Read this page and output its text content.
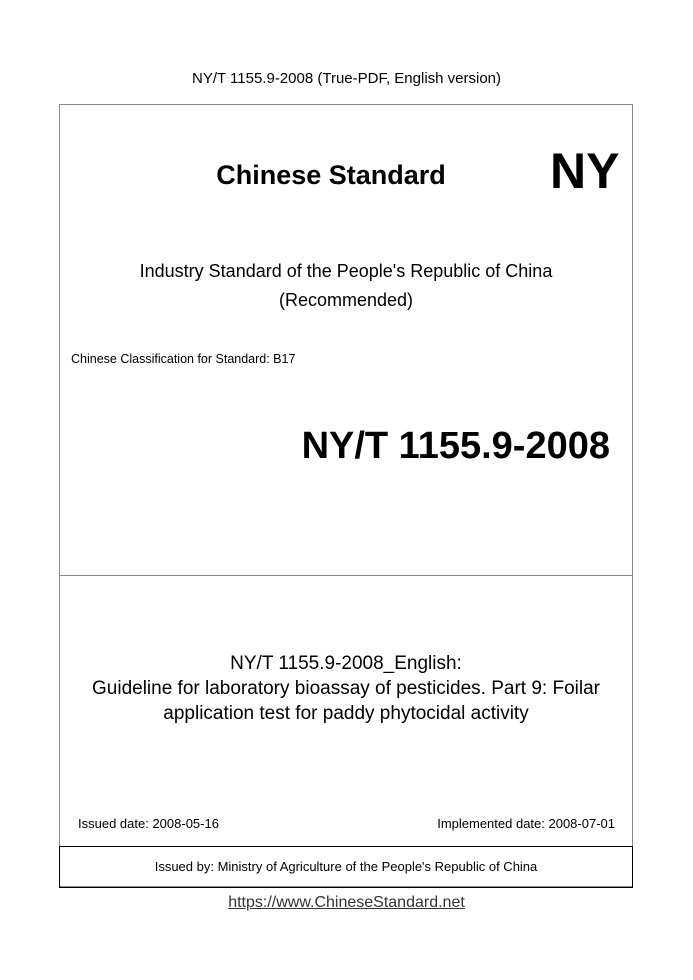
NY/T 1155.9-2008 (True-PDF, English version)
Chinese Standard	NY
Industry Standard of the People's Republic of China
(Recommended)
Chinese Classification for Standard: B17
NY/T 1155.9-2008
NY/T 1155.9-2008_English:
Guideline for laboratory bioassay of pesticides. Part 9: Foilar
application test for paddy phytocidal activity
Issued date: 2008-05-16	Implemented date: 2008-07-01
Issued by: Ministry of Agriculture of the People's Republic of China
https://www.ChineseStandard.net
